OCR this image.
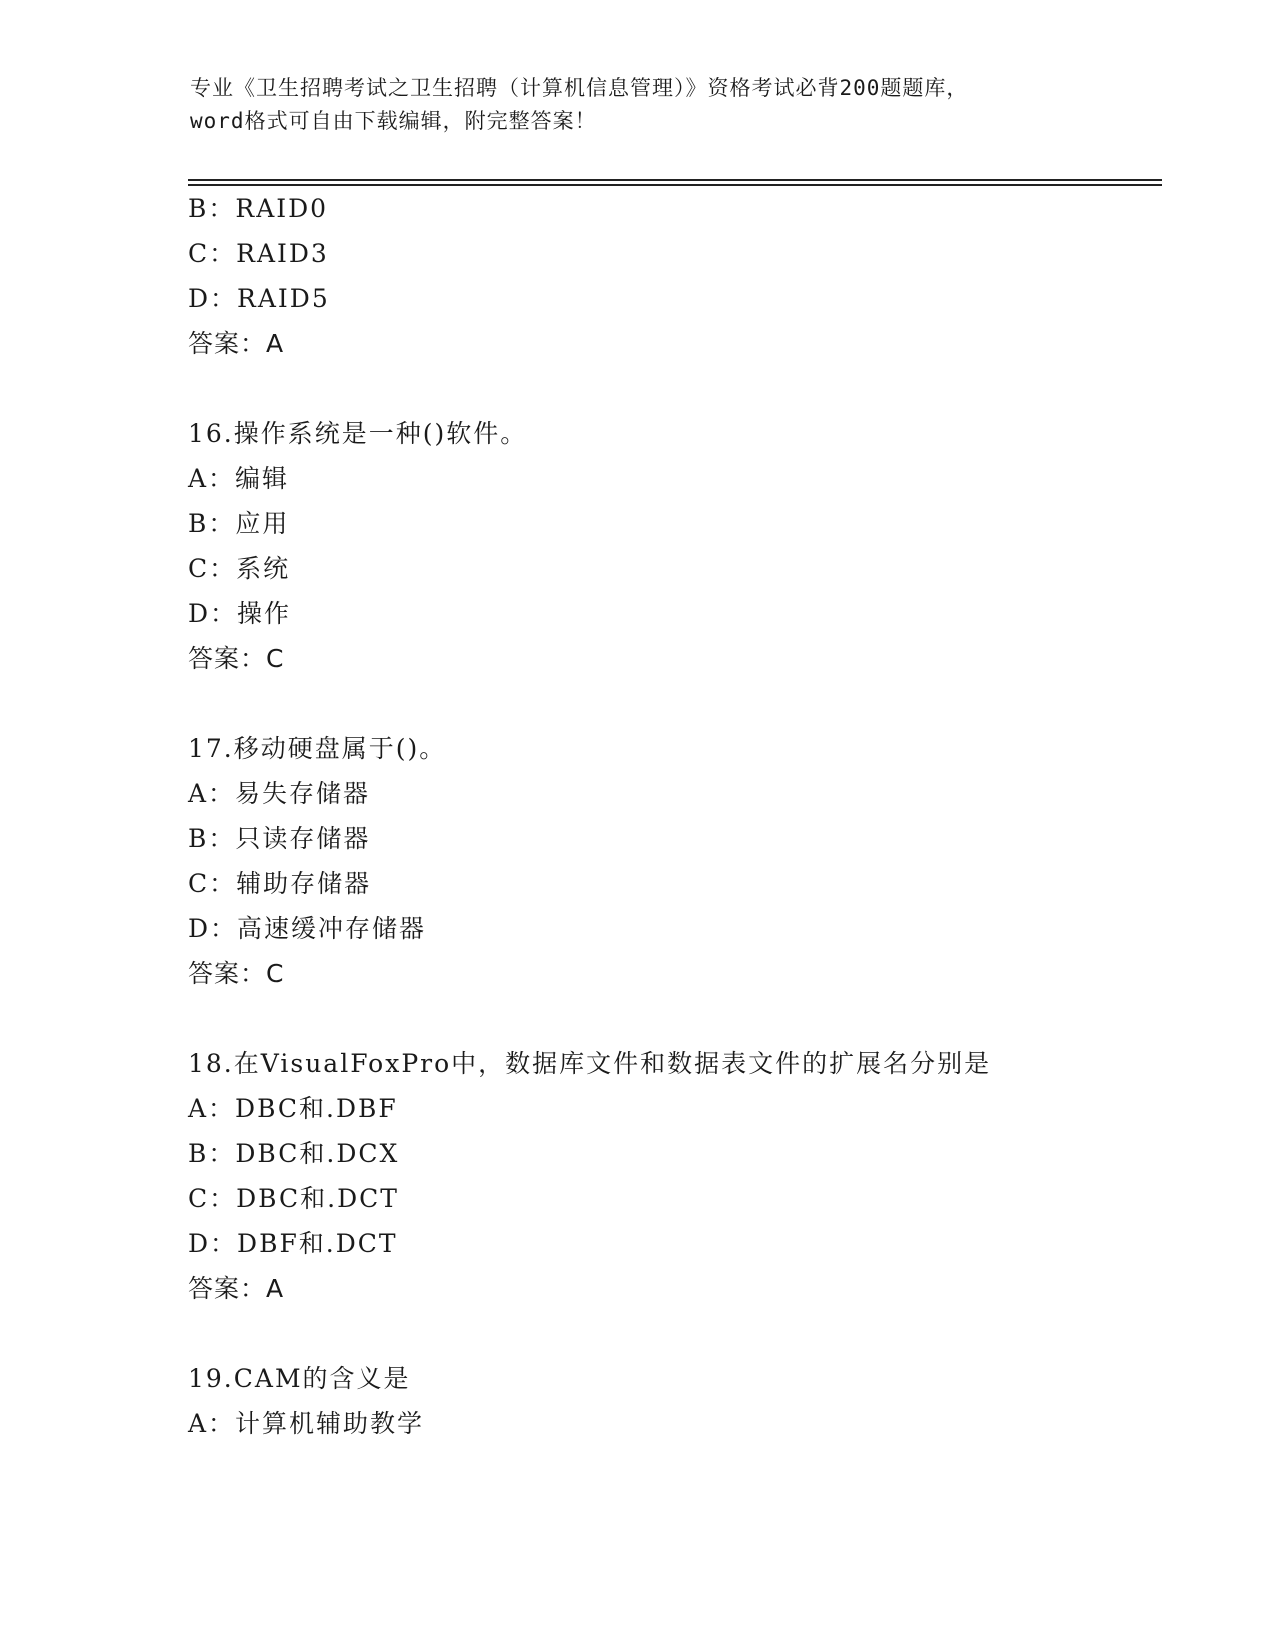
专业《卫生招聘考试之卫生招聘（计算机信息管理）》资格考试必背200题题库，
word格式可自由下载编辑，附完整答案！
B：RAID0
C：RAID3
D：RAID5
答案：A
16.操作系统是一种()软件。
A：编辑
B：应用
C：系统
D：操作
答案：C
17.移动硬盘属于()。
A：易失存储器
B：只读存储器
C：辅助存储器
D：高速缓冲存储器
答案：C
18.在VisualFoxPro中，数据库文件和数据表文件的扩展名分别是
A：DBC和.DBF
B：DBC和.DCX
C：DBC和.DCT
D：DBF和.DCT
答案：A
19.CAM的含义是
A：计算机辅助教学
